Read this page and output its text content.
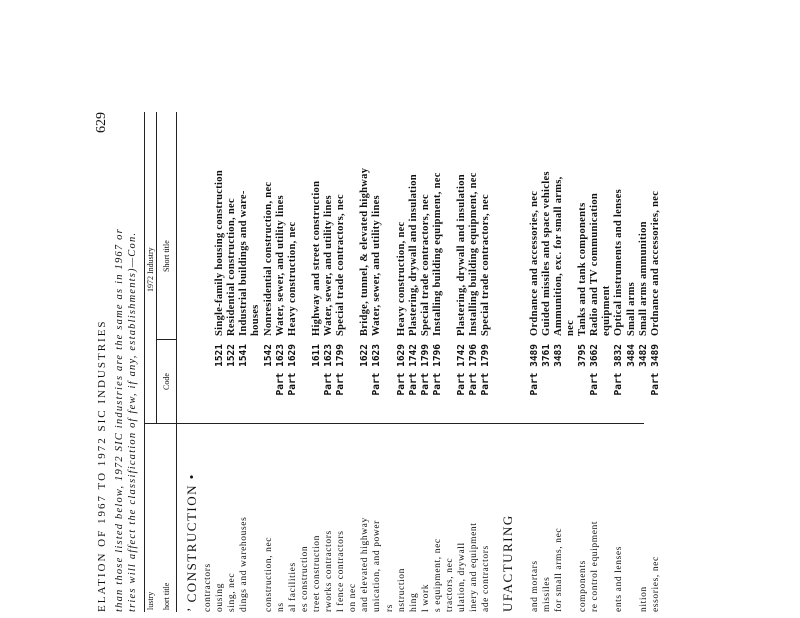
ELATION OF 1967 TO 1972 SIC INDUSTRIES
629
than those listed below, 1972 SIC industries are the same as in 1967 or tries will affect the classification of few, if any, establishments)—Con. lustry hort title
1972 Industry
Code
Short title
’ CONSTRUCTION •
UFACTURING
contractors ousing
1521
Single-family housing construction
sing, nec
1522
Residential construction, nec
dings and warehouses
1541
Industrial buildings and ware- houses
construction, nec
1542
Nonresidential construction, nec
ns
Part 1623
Water, sewer, and utility lines
al facilities
Part 1629
Heavy construction, nec
es construction treet construction
1611
Highway and street construction
rworks contractors
Part 1623
Water, sewer, and utility lines
l fence contractors
Part 1799
Special trade contractors, nec
on nec and elevated highway
1622
Bridge, tunnel, & elevated highway
unication, and power
Part 1623
Water, sewer, and utility lines
rs nstruction
Part 1629
Heavy construction, nec
hing
Part 1742
Plastering, drywall and insulation
l work
Part 1799
Special trade contractors, nec
s equipment, nec
Part 1796
Installing building equipment, nec
tractors, nec ulation, drywall
Part 1742
Plastering, drywall and insulation
inery and equipment
Part 1796
Installing building equipment, nec
ade contractors
Part 1799
Special trade contractors, nec
and mortars
Part 3489
Ordnance and accessories, nec
missiles
3761
Guided missiles and space vehicles
for small arms, nec
3483
Ammunition, exc. for small arms, nec
components
3795
Tanks and tank components
re control equipment
Part 3662
Radio and TV communication equipment
ents and lenses
Part 3832
Optical instruments and lenses
3484
Small arms
nition
3482
Small arms ammunition
essories, nec
Part 3489
Ordnance and accessories, nec
